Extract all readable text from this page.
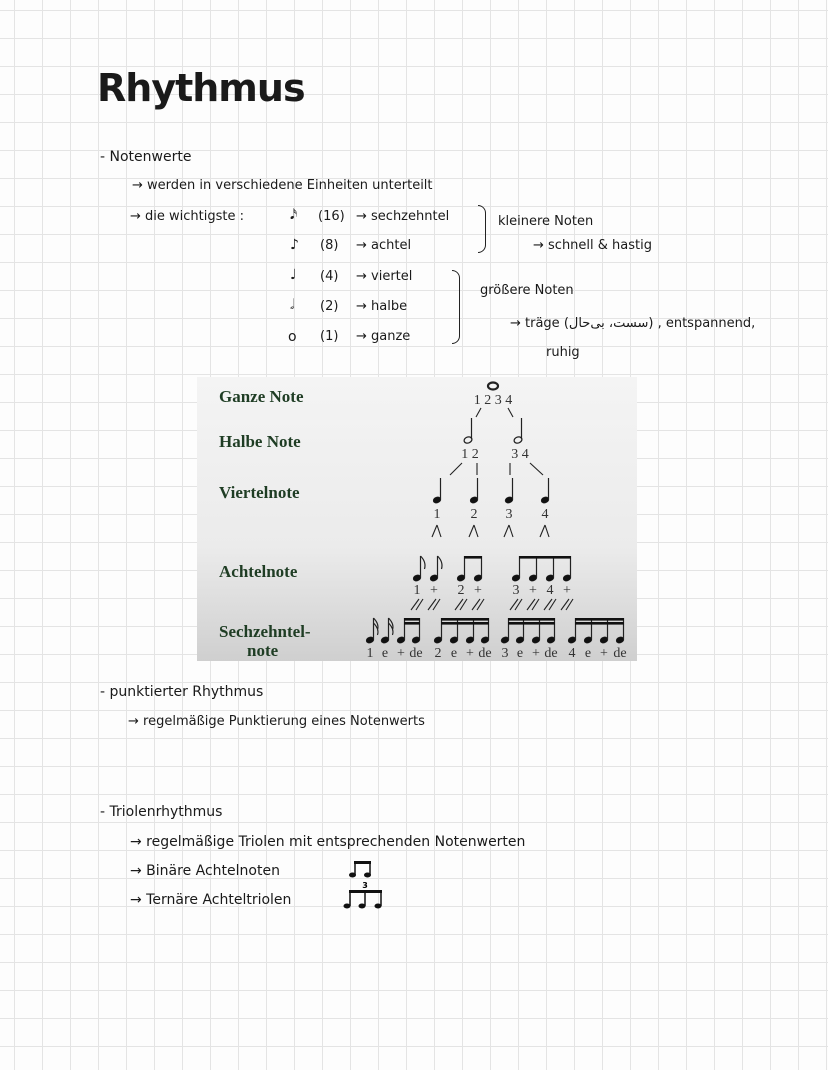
Rhythmus
- Notenwerte
→ werden in verschiedene Einheiten unterteilt
→ die wichtigste :	𝅘𝅥𝅯 (16) → sechzehntel
♪ (8) → achtel
♩ (4) → viertel
𝅗𝅥 (2) → halbe
o (1) → ganze
kleinere Noten
→ schnell & hastig
größere Noten
→ träge (سست، بی‌حال) , entspannend,
ruhig
Ganze Note
Halbe Note
Viertelnote
Achtelnote
Sechzehntel-
note
1 2 3 4
1 2 3 4
1 2 3 4
1 + 2 + 3 + 4 +
1 e + de 2 e + de 3 e + de 4 e + de
- punktierter Rhythmus
→ regelmäßige Punktierung eines Notenwerts
- Triolenrhythmus
→ regelmäßige Triolen mit entsprechenden Notenwerten
→ Binäre Achtelnoten
→ Ternäre Achteltriolen
3
